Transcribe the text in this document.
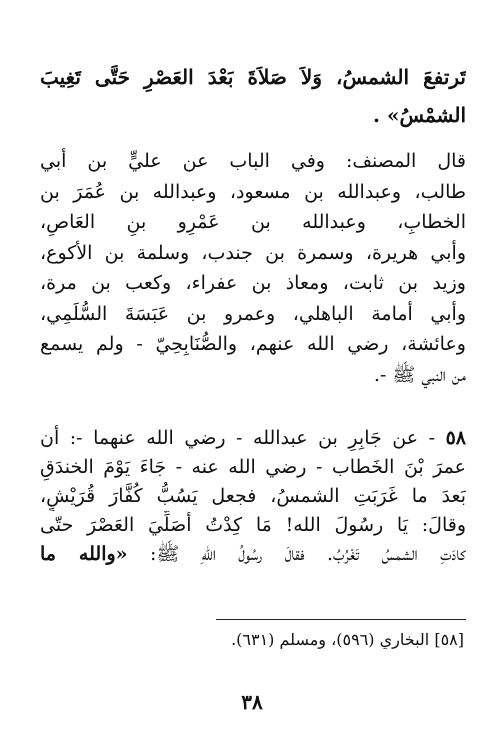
تَرتفعَ الشمسُ، وَلاَ صَلاَةَ بَعْدَ العَصْرِ حَتَّى تَغِيبَ
الشمْسُ» .
قال المصنف: وفي الباب عن عليٍّ بن أبي
طالب، وعبدالله بن مسعود، وعبدالله بن عُمَرَ بن
الخطابِ، وعبدالله بن عَمْرِو بنِ العَاصِ،
وأبي هريرة، وسمرة بن جندب، وسلمة بن الأكوع،
وزيد بن ثابت، ومعاذ بن عفراء، وكعب بن مرة،
وأبي أمامة الباهلي، وعمرو بن عَبَسَةَ السُّلَمِي،
وعائشة، رضي الله عنهم، والصُّنَابِحِيّ - ولم يسمع
من النبي ﷺ -.
٥٨ - عن جَابِرِ بن عبدالله - رضي الله عنهما -: أن
عمرَ بْنَ الخَطاب - رضي الله عنه - جَاءَ يَوْمَ الخندَقِ
بَعدَ ما غَرَبَتِ الشمسُ، فجعل يَسُبُّ كُفَّارَ قُرَيْشٍ،
وقالَ: يَا رسُولَ الله! مَا كِدْتُ أُصَلِّيَ العَصْرَ حتّى
كادَتِ الشمسُ تَغْرُبُ. فقالَ رسُولُ اللهِ ﷺ: «والله ما
[٥٨] البخاري (٥٩٦)، ومسلم (٦٣١).
٣٨
